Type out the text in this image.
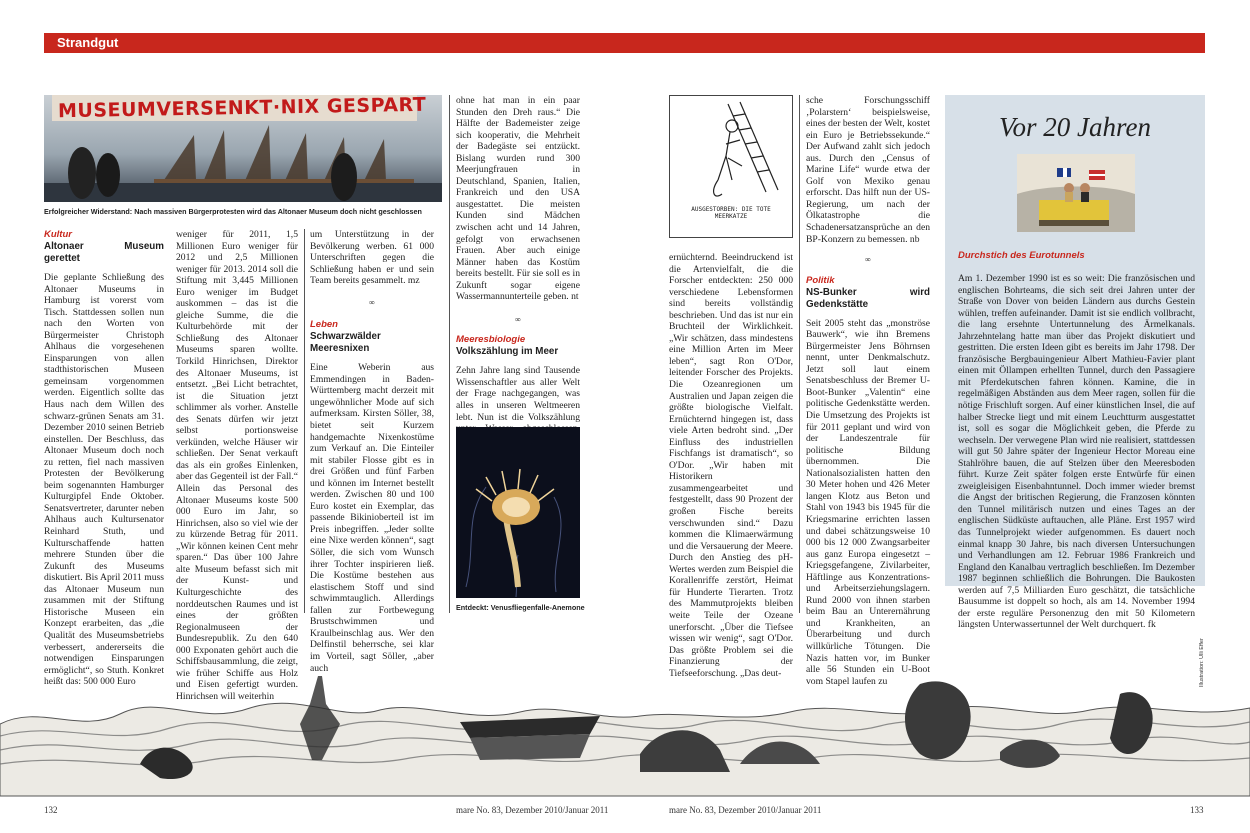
Strandgut
MUSEUMVERSENKT·NIX GESPART
Erfolgreicher Widerstand: Nach massiven Bürgerprotesten wird das Altonaer Museum doch nicht geschlossen
Kultur
Altonaer Museum gerettet

Die geplante Schließung des Altonaer Museums in Hamburg ist vorerst vom Tisch. Stattdessen sollen nun nach den Worten von Bürgermeister Christoph Ahlhaus die vorgesehenen Einsparungen von allen stadthistorischen Museen gemeinsam vorgenommen werden. Eigentlich sollte das Haus nach dem Willen des schwarz-grünen Senats am 31. Dezember 2010 seinen Betrieb einstellen. Der Beschluss, das Altonaer Museum doch noch zu retten, fiel nach massiven Protesten der Bevölkerung beim sogenannten Hamburger Kulturgipfel Ende Oktober. Senatsvertreter, darunter neben Ahlhaus auch Kultursenator Reinhard Stuth, und Kulturschaffende hatten mehrere Stunden über die Zukunft des Museums diskutiert. Bis April 2011 muss das Altonaer Museum nun zusammen mit der Stiftung Historische Museen ein Konzept erarbeiten, das „die Qualität des Museumsbetriebs verbessert, andererseits die notwendigen Einsparungen ermöglicht“, so Stuth. Konkret heißt das: 500 000 Euro

weniger für 2011, 1,5 Millionen Euro weniger für 2012 und 2,5 Millionen weniger für 2013. 2014 soll die Stiftung mit 3,445 Millionen Euro weniger im Budget auskommen – das ist die gleiche Summe, die die Kulturbehörde mit der Schließung des Altonaer Museums sparen wollte. Torkild Hinrichsen, Direktor des Altonaer Museums, ist entsetzt. „Bei Licht betrachtet, ist die Situation jetzt schlimmer als vorher. Anstelle des Senats dürfen wir jetzt selbst portionsweise verkünden, welche Häuser wir schließen. Der Senat verkauft das als ein großes Einlenken, aber das Gegenteil ist der Fall.“ Allein das Personal des Altonaer Museums koste 500 000 Euro im Jahr, so Hinrichsen, also so viel wie der zu kürzende Betrag für 2011. „Wir können keinen Cent mehr sparen.“ Das über 100 Jahre alte Museum befasst sich mit der Kunst- und Kulturgeschichte des norddeutschen Raumes und ist eines der größten Regionalmuseen der Bundesrepublik. Zu den 640 000 Exponaten gehört auch die Schiffsbausammlung, die zeigt, wie früher Schiffe aus Holz und Eisen gefertigt wurden. Hinrichsen will weiterhin

um Unterstützung in der Bevölkerung werben. 61 000 Unterschriften gegen die Schließung haben er und sein Team bereits gesammelt. mz

∞
Leben
Schwarzwälder Meeresnixen

Eine Weberin aus Emmendingen in Baden-Württemberg macht derzeit mit ungewöhnlicher Mode auf sich aufmerksam. Kirsten Söller, 38, bietet seit Kurzem handgemachte Nixenkostüme zum Verkauf an. Die Einteiler mit stabiler Flosse gibt es in drei Größen und fünf Farben und können im Internet bestellt werden. Zwischen 80 und 100 Euro kostet ein Exemplar, das passende Bikinioberteil ist im Preis inbegriffen. „Jeder sollte eine Nixe werden können“, sagt Söller, die sich vom Wunsch ihrer Tochter inspirieren ließ. Die Kostüme bestehen aus elastischem Stoff und sind schwimmtauglich. Allerdings fallen zur Fortbewegung Brustschwimmen und Kraulbeinschlag aus. Wer den Delfinstil beherrsche, sei klar im Vorteil, sagt Söller, „aber auch

ohne hat man in ein paar Stunden den Dreh raus.“ Die Hälfte der Bademeister zeige sich kooperativ, die Mehrheit der Badegäste sei entzückt. Bislang wurden rund 300 Meerjungfrauen in Deutschland, Spanien, Italien, Frankreich und den USA ausgestattet. Die meisten Kunden sind Mädchen zwischen acht und 14 Jahren, gefolgt von erwachsenen Frauen. Aber auch einige Männer haben das Kostüm bereits bestellt. Für sie soll es in Zukunft sogar eigene Wassermannunterteile geben. nt

∞
Meeresbiologie
Volkszählung im Meer

Zehn Jahre lang sind Tausende Wissenschaftler aus aller Welt der Frage nachgegangen, was alles in unseren Weltmeeren lebt. Nun ist die Volkszählung

Entdeckt: Venusfliegenfalle-Anemone
AUSGESTORBEN: DIE TOTE MEERKATZE

ernüchternd. Beeindruckend ist die Artenvielfalt, die die Forscher entdeckten: 250 000 verschiedene Lebensformen sind bereits vollständig beschrieben. Und das ist nur ein Bruchteil der Wirklichkeit. „Wir schätzen, dass mindestens eine Million Arten im Meer leben“, sagt Ron O'Dor, leitender Forscher des Projekts. Die Ozeanregionen um Australien und Japan zeigen die größte biologische Vielfalt. Ernüchternd hingegen ist, dass viele Arten bedroht sind. „Der Einfluss des industriellen Fischfangs ist dramatisch“, so O'Dor. „Wir haben mit Historikern zusammengearbeitet und festgestellt, dass 90 Prozent der großen Fische bereits verschwunden sind.“ Dazu kommen die Klimaerwärmung und die Versauerung der Meere. Durch den Anstieg des pH-Wertes werden zum Beispiel die Korallenriffe zerstört, Heimat für Hunderte Tierarten. Trotz des Mammutprojekts bleiben weite Teile der Ozeane unerforscht. „Über die Tiefsee wissen wir wenig“, sagt O'Dor. Das größte Problem sei die Finanzierung der Tiefseeforschung. „Das deut-

sche Forschungsschiff ‚Polarstern‘ beispielsweise, eines der besten der Welt, kostet ein Euro je Betriebssekunde.“ Der Aufwand zahlt sich jedoch aus. Durch den „Census of Marine Life“ wurde etwa der Golf von Mexiko genau erforscht. Das hilft nun der US-Regierung, um nach der Ölkatastrophe die Schadenersatzansprüche an den BP-Konzern zu bemessen. nb

∞
Politik
NS-Bunker wird Gedenkstätte

Seit 2005 steht das „monströse Bauwerk“, wie ihn Bremens Bürgermeister Jens Böhrnsen nennt, unter Denkmalschutz. Jetzt soll laut einem Senatsbeschluss der Bremer U-Boot-Bunker „Valentin“ eine politische Gedenkstätte werden. Die Umsetzung des Projekts ist für 2011 geplant und wird von der Landeszentrale für politische Bildung übernommen. Die Nationalsozialisten hatten den 30 Meter hohen und 426 Meter langen Klotz aus Beton und Stahl von 1943 bis 1945 für die Kriegsmarine errichten lassen und dabei schätzungsweise 10 000 bis 12 000 Zwangsarbeiter aus ganz Europa eingesetzt – Kriegsgefangene, Zivilarbeiter, Häftlinge aus Konzentrations- und Arbeitserziehungslagern. Rund 2000 von ihnen starben beim Bau an Unterernährung und Krankheiten, an Überarbeitung und durch willkürliche Tötungen. Die Nazis hatten vor, im Bunker alle 56 Stunden ein U-Boot vom Stapel laufen zu

Vor 20 Jahren
Durchstich des Eurotunnels

Am 1. Dezember 1990 ist es so weit: Die französischen und englischen Bohrteams, die sich seit drei Jahren unter der Straße von Dover von beiden Ländern aus durchs Gestein wühlen, treffen aufeinander. Damit ist sie endlich vollbracht, die lang ersehnte Untertunnelung des Ärmelkanals. Jahrzehntelang hatte man über das Projekt diskutiert und gestritten. Die ersten Ideen gibt es bereits im Jahr 1798. Der französische Bergbauingenieur Albert Mathieu-Favier plant einen mit Öllampen erhellten Tunnel, durch den Passagiere mit Pferdekutschen fahren können. Kamine, die in regelmäßigen Abständen aus dem Meer ragen, sollen für die nötige Frischluft sorgen. Auf einer künstlichen Insel, die auf halber Strecke liegt und mit einem Leuchtturm ausgestattet ist, soll es sogar die Möglichkeit geben, die Pferde zu wechseln. Der verwegene Plan wird nie realisiert, stattdessen will gut 50 Jahre später der Ingenieur Hector Moreau eine Stahlröhre bauen, die auf Stelzen über den Meeresboden führt. Kurze Zeit später folgen erste Entwürfe für einen zweigleisigen Eisenbahntunnel. Doch immer wieder bremst die Angst der britischen Regierung, die Franzosen könnten den Tunnel militärisch nutzen und eines Tages an der englischen Südküste auftauchen, alle Pläne. Erst 1957 wird das Tunnelprojekt wieder aufgenommen. Es dauert noch einmal knapp 30 Jahre, bis nach diversen Untersuchungen und Verhandlungen am 12. Februar 1986 Frankreich und England den Kanalbau vertraglich beschließen. Im Dezember 1987 beginnen schließlich die Bohrungen. Die Baukosten werden auf 7,5 Milliarden Euro geschätzt, die tatsächliche Bausumme ist doppelt so hoch, als am 14. November 1994 der erste reguläre Personenzug den mit 50 Kilometern längsten Unterwassertunnel der Welt durchquert. fk

Illustration: Ulli Effer
132	mare No. 83, Dezember 2010/Januar 2011	mare No. 83, Dezember 2010/Januar 2011	133
